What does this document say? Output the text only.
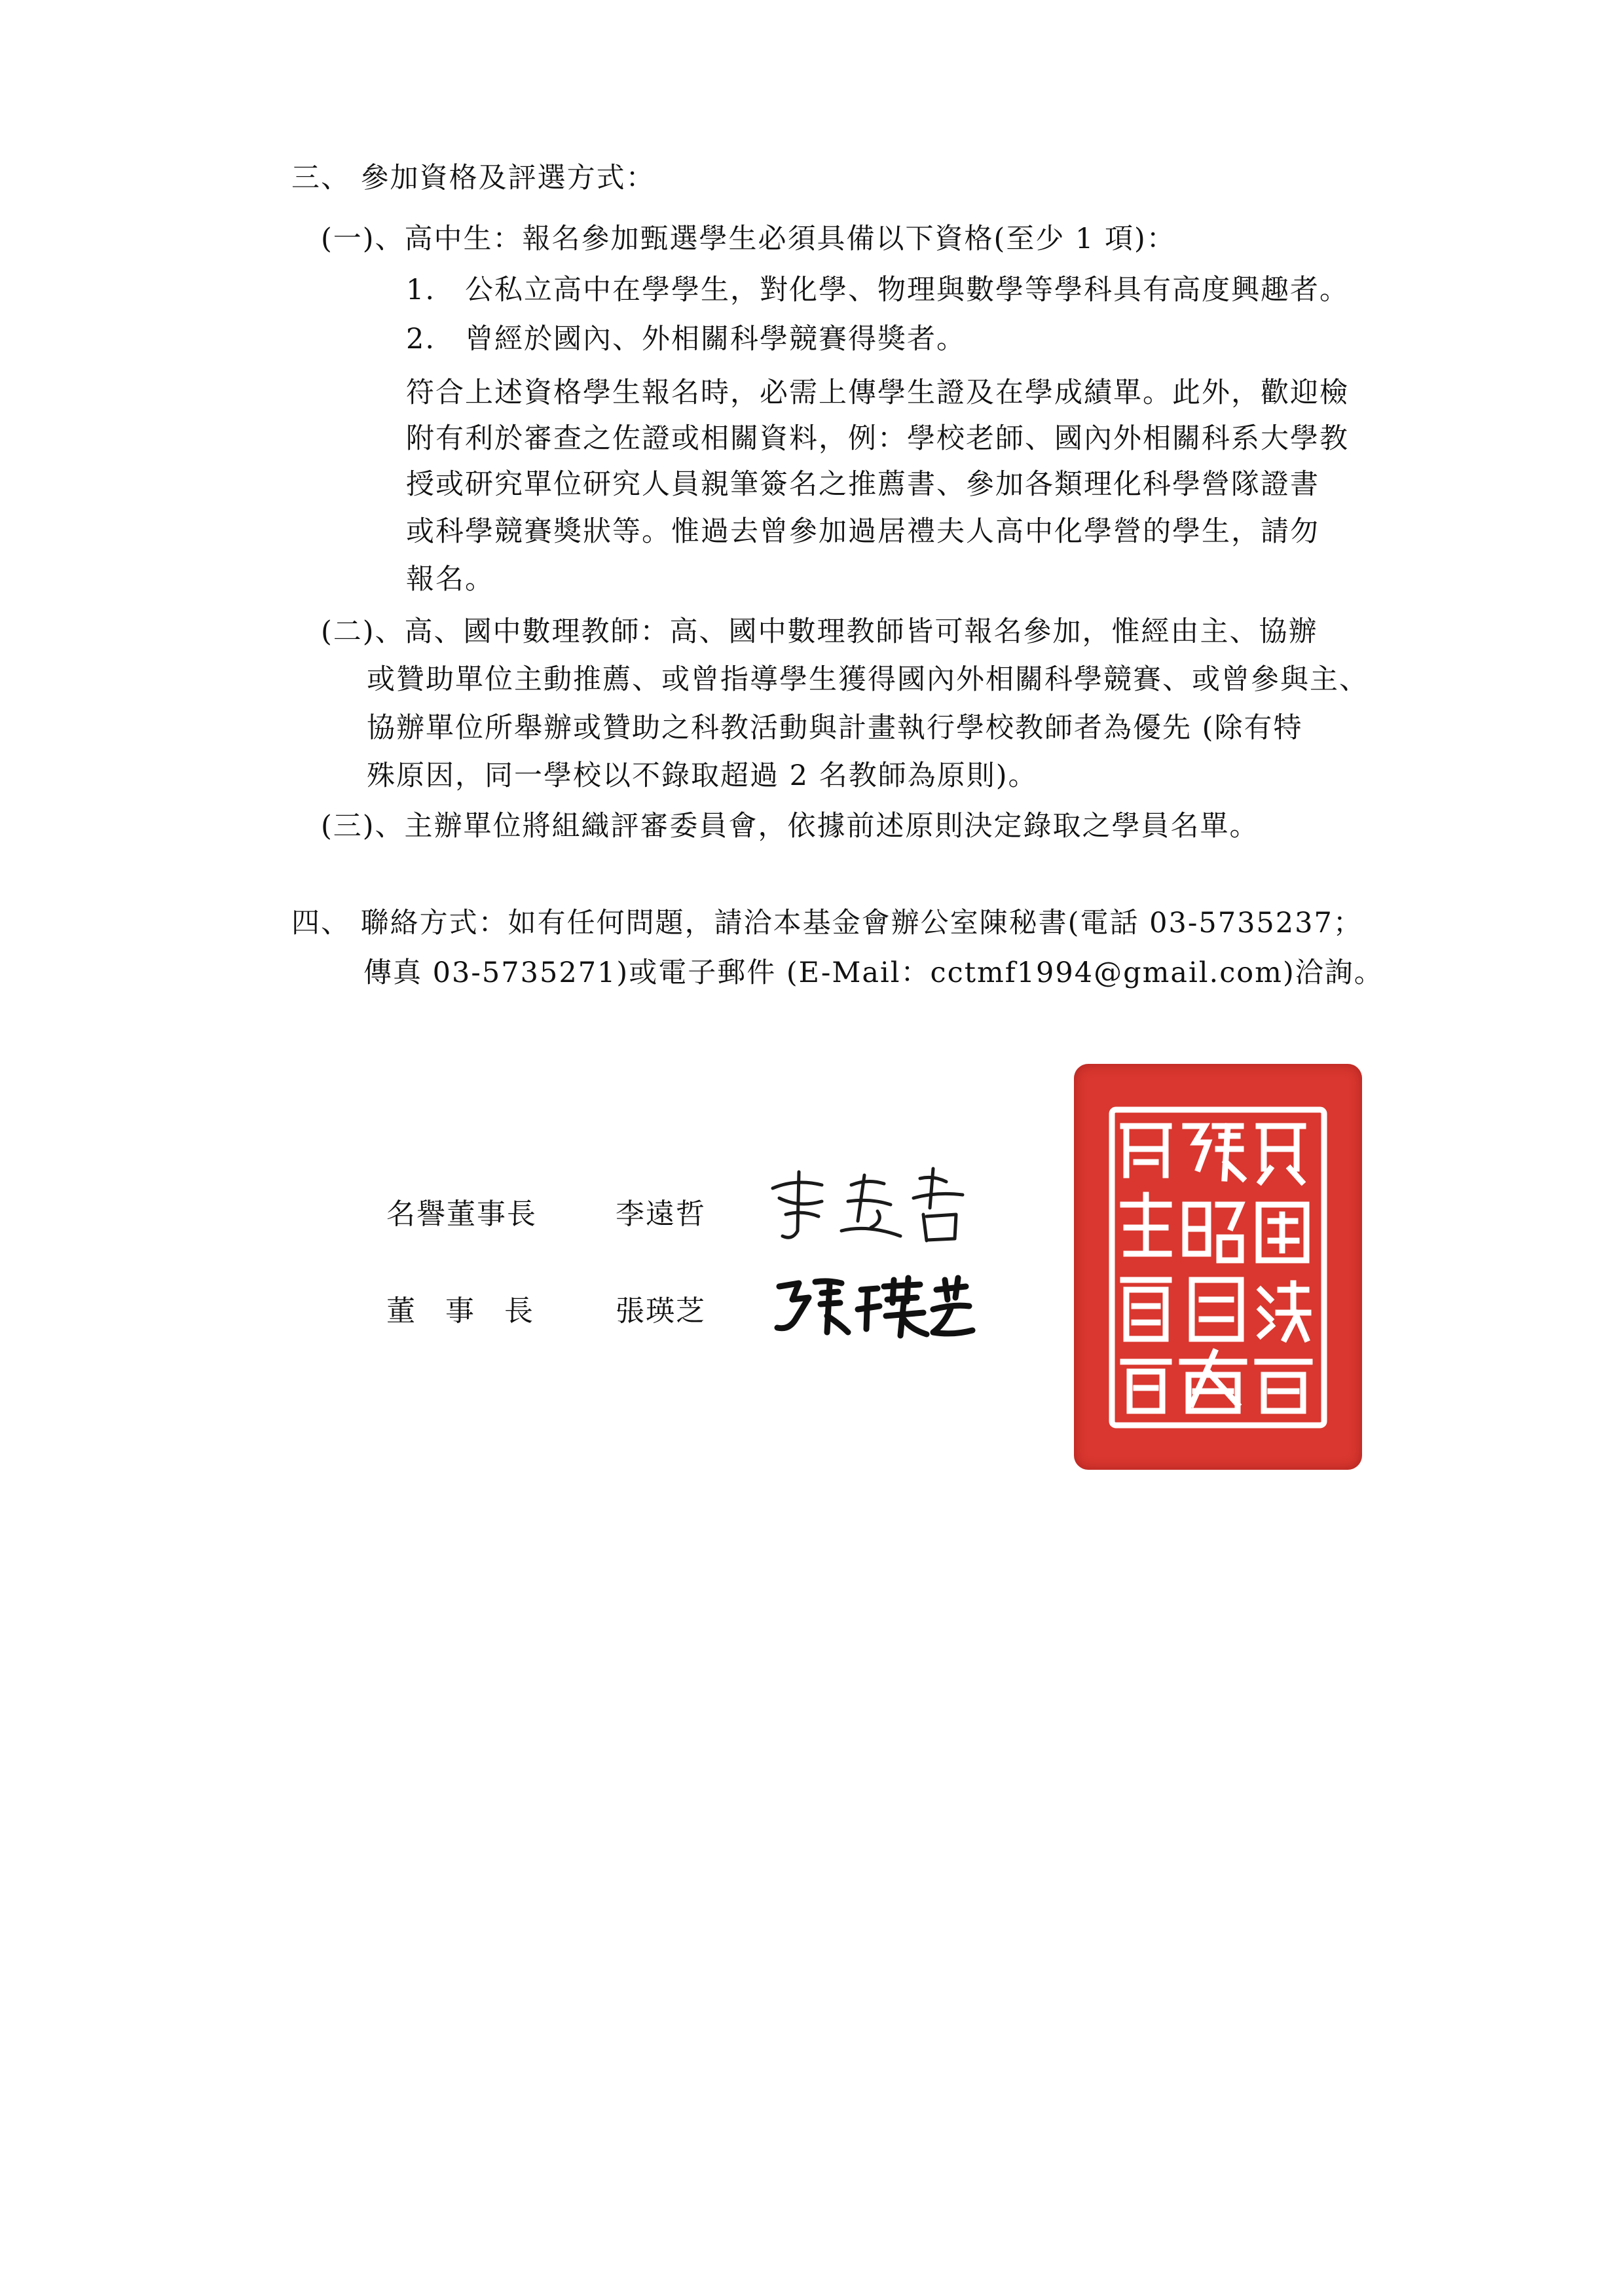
三、 參加資格及評選方式：
(一)、高中生：報名參加甄選學生必須具備以下資格(至少 1 項)：
1.　公私立高中在學學生，對化學、物理與數學等學科具有高度興趣者。
2.　曾經於國內、外相關科學競賽得獎者。
符合上述資格學生報名時，必需上傳學生證及在學成績單。此外，歡迎檢
附有利於審查之佐證或相關資料，例：學校老師、國內外相關科系大學教
授或研究單位研究人員親筆簽名之推薦書、參加各類理化科學營隊證書
或科學競賽獎狀等。惟過去曾參加過居禮夫人高中化學營的學生，請勿
報名。
(二)、高、國中數理教師：高、國中數理教師皆可報名參加，惟經由主、協辦
或贊助單位主動推薦、或曾指導學生獲得國內外相關科學競賽、或曾參與主、
協辦單位所舉辦或贊助之科教活動與計畫執行學校教師者為優先 (除有特
殊原因，同一學校以不錄取超過 2 名教師為原則)。
(三)、主辦單位將組織評審委員會，依據前述原則決定錄取之學員名單。
四、 聯絡方式：如有任何問題，請洽本基金會辦公室陳秘書(電話 03-5735237；
傳真 03-5735271)或電子郵件 (E-Mail：cctmf1994@gmail.com)洽詢。
名譽董事長	李遠哲
董事長 張瑛芝
